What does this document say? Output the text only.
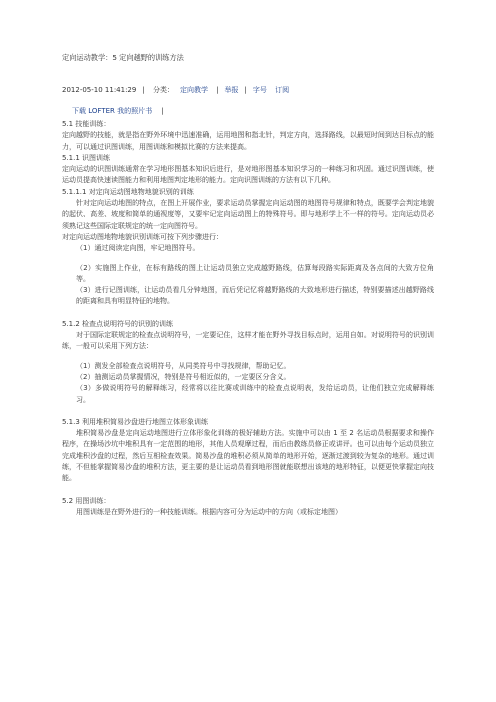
定向运动教学：5 定向越野的训练方法
2012-05-10 11:41:29 | 分类： 定向教学 | 举报 | 字号 订阅
下载 LOFTER 我的照片书 |

5.1 技能训练：

定向越野的技能，就是指在野外环境中迅速准确，运用地图和指北针，判定方向，选择路线，以最短时间到达目标点的能力，可以通过识图训练，用图训练和模拟比赛的方法来提高。

5.1.1 识图训练

定向运动的识图训练通常在学习地形图基本知识后进行，是对地形图基本知识学习的一种练习和巩固。通过识图训练，使运动员提高快速读图能力和利用地图判定地形的能力。定向识图训练的方法有以下几种。

5.1.1.1 对定向运动图地物地貌识别的训练

针对定向运动地图的特点，在图上开展作业，要求运动员掌握定向运动图的地图符号规律和特点，既要学会判定地貌的起伏、高差、坡度和简单的通视度等，又要牢记定向运动图上的特殊符号。即与地形学上不一样的符号。定向运动员必须熟记这些国际定联规定的统一定向图符号。

对定向运动图地物地貌识别训练可按下列步骤进行：

（1）通过阅读定向图，牢记地图符号。

（2）实施图上作业，在标有路线的图上让运动员独立完成越野路线，估算每段路实际距离及各点间的大致方位角等。

（3）进行记图训练，让运动员看几分钟地图，而后凭记忆将越野路线的大致地形进行描述，特别要描述出越野路线的距离和具有明显特征的地物。

5.1.2 检查点说明符号的识别的训练

对于国际定联规定的检查点说明符号，一定要记住，这样才能在野外寻找目标点时，运用自如。对说明符号的识别训练，一般可以采用下列方法：

（1）测发全部检查点说明符号，从同类符号中寻找规律，帮助记忆。

（2）抽测运动员掌握情况，特别是符号相近似的，一定要区分含义。

（3）多做说明符号的解释练习，经常将以往比赛或训练中的检查点说明表，发给运动员，让他们独立完成解释练习。

5.1.3 利用堆积简易沙盘进行地图立体形象训练

堆积简易沙盘是定向运动地图进行立体形象化训练的极好辅助方法。实施中可以由 1 至 2 名运动员根据要求和操作程序，在操场沙坑中堆积具有一定范围的地形，其他人员观摩过程，而后由教练员修正或讲评。也可以由每个运动员独立完成堆积沙盘的过程，然后互相检查效果。简易沙盘的堆积必须从简单的地形开始，逐渐过渡到较为复杂的地形。通过训练，不但能掌握简易沙盘的堆积方法，更主要的是让运动员看到地形图就能联想出该地的地形特征，以便更快掌握定向技能。

5.2 用图训练：

用图训练是在野外进行的一种技能训练。根据内容可分为运动中的方向（或标定地图）
